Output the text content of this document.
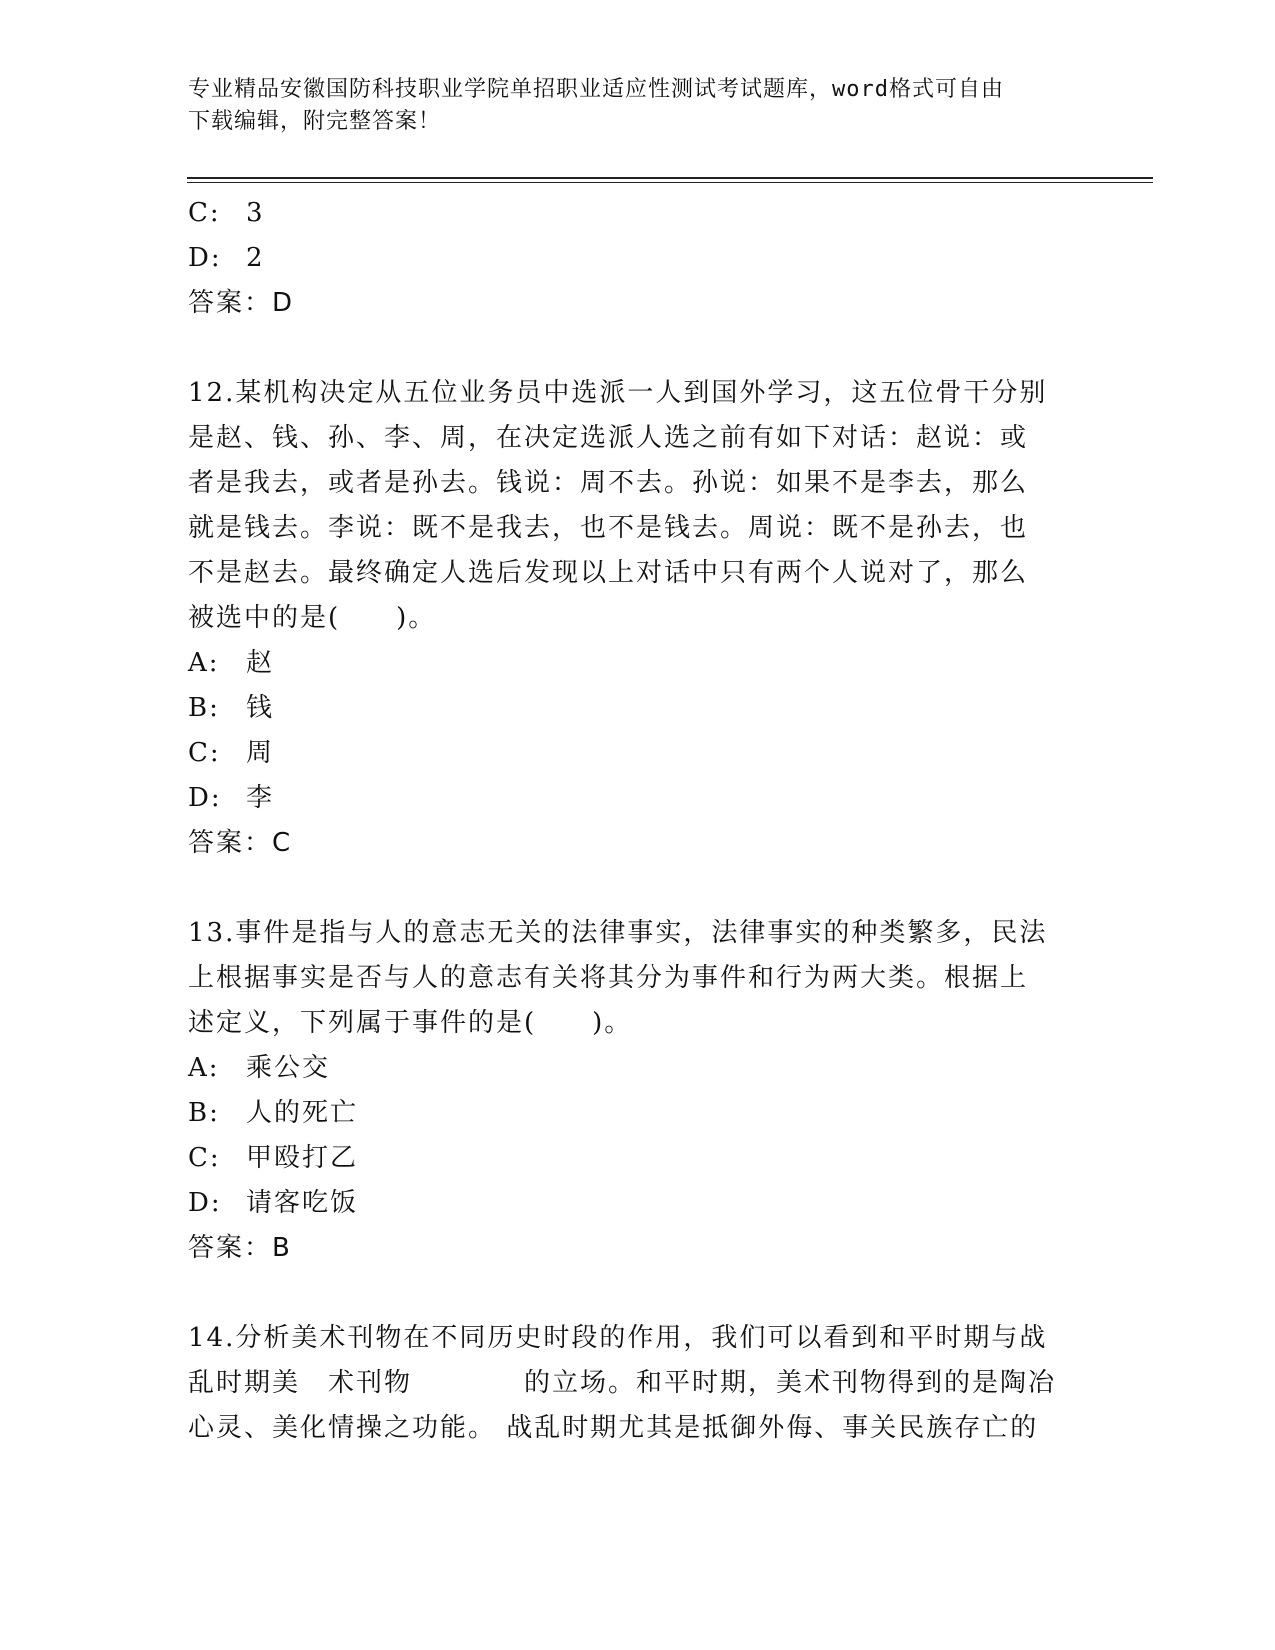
专业精品安徽国防科技职业学院单招职业适应性测试考试题库，word格式可自由
下载编辑，附完整答案！
C: 3
D: 2
答案：D
12.某机构决定从五位业务员中选派一人到国外学习，这五位骨干分别
是赵、钱、孙、李、周，在决定选派人选之前有如下对话：赵说：或
者是我去，或者是孙去。钱说：周不去。孙说：如果不是李去，那么
就是钱去。李说：既不是我去，也不是钱去。周说：既不是孙去，也
不是赵去。最终确定人选后发现以上对话中只有两个人说对了，那么
被选中的是(　　)。
A:	赵
B:	钱
C: 周
D: 李
答案：C
13.事件是指与人的意志无关的法律事实，法律事实的种类繁多，民法
上根据事实是否与人的意志有关将其分为事件和行为两大类。根据上
述定义，下列属于事件的是(　　)。
A:	乘公交
B:	人的死亡
C: 甲殴打乙
D: 请客吃饭
答案：B
14.分析美术刊物在不同历史时段的作用，我们可以看到和平时期与战
乱时期美　术刊物　　　　的立场。和平时期，美术刊物得到的是陶冶
心灵、美化情操之功能。 战乱时期尤其是抵御外侮、事关民族存亡的
